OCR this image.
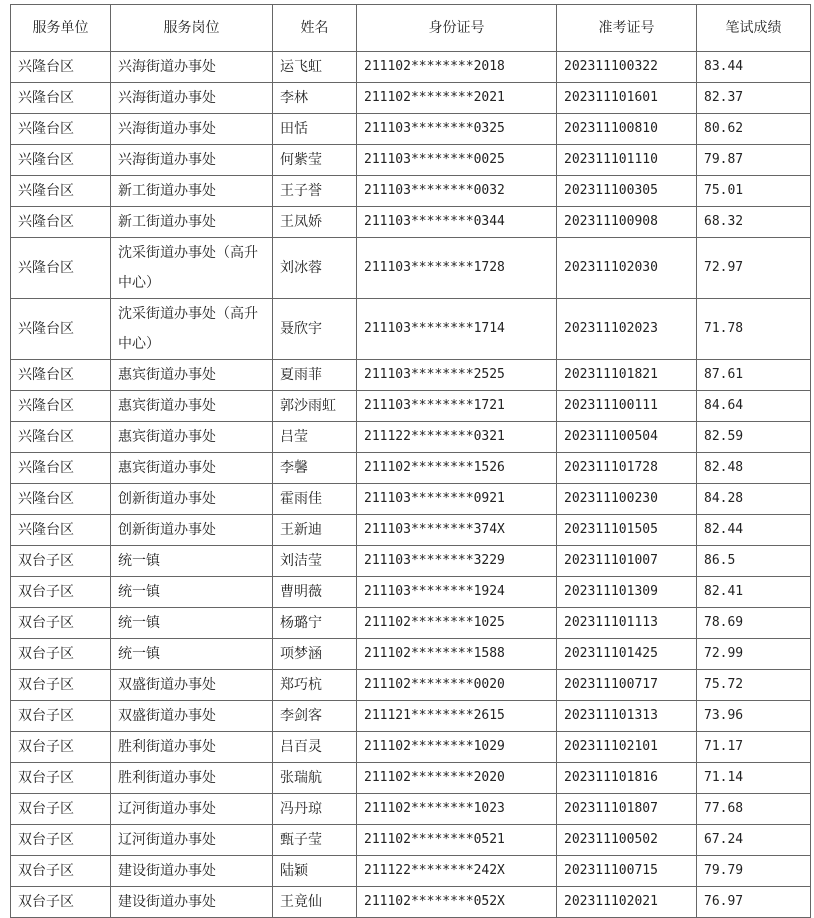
服务单位	服务岗位	姓名	身份证号	准考证号	笔试成绩
兴隆台区	兴海街道办事处	运飞虹	211102********2018	202311100322	83.44
兴隆台区	兴海街道办事处	李林	211102********2021	202311101601	82.37
兴隆台区	兴海街道办事处	田恬	211103********0325	202311100810	80.62
兴隆台区	兴海街道办事处	何紫莹	211103********0025	202311101110	79.87
兴隆台区	新工街道办事处	王子誉	211103********0032	202311100305	75.01
兴隆台区	新工街道办事处	王凤娇	211103********0344	202311100908	68.32
兴隆台区	沈采街道办事处（高升中心）	刘冰蓉	211103********1728	202311102030	72.97
兴隆台区	沈采街道办事处（高升中心）	聂欣宇	211103********1714	202311102023	71.78
兴隆台区	惠宾街道办事处	夏雨菲	211103********2525	202311101821	87.61
兴隆台区	惠宾街道办事处	郭沙雨虹	211103********1721	202311100111	84.64
兴隆台区	惠宾街道办事处	吕莹	211122********0321	202311100504	82.59
兴隆台区	惠宾街道办事处	李馨	211102********1526	202311101728	82.48
兴隆台区	创新街道办事处	霍雨佳	211103********0921	202311100230	84.28
兴隆台区	创新街道办事处	王新迪	211103********374X	202311101505	82.44
双台子区	统一镇	刘洁莹	211103********3229	202311101007	86.5
双台子区	统一镇	曹明薇	211103********1924	202311101309	82.41
双台子区	统一镇	杨璐宁	211102********1025	202311101113	78.69
双台子区	统一镇	项梦涵	211102********1588	202311101425	72.99
双台子区	双盛街道办事处	郑巧杭	211102********0020	202311100717	75.72
双台子区	双盛街道办事处	李剑客	211121********2615	202311101313	73.96
双台子区	胜利街道办事处	吕百灵	211102********1029	202311102101	71.17
双台子区	胜利街道办事处	张瑞航	211102********2020	202311101816	71.14
双台子区	辽河街道办事处	冯丹琼	211102********1023	202311101807	77.68
双台子区	辽河街道办事处	甄子莹	211102********0521	202311100502	67.24
双台子区	建设街道办事处	陆颖	211122********242X	202311100715	79.79
双台子区	建设街道办事处	王竟仙	211102********052X	202311102021	76.97
